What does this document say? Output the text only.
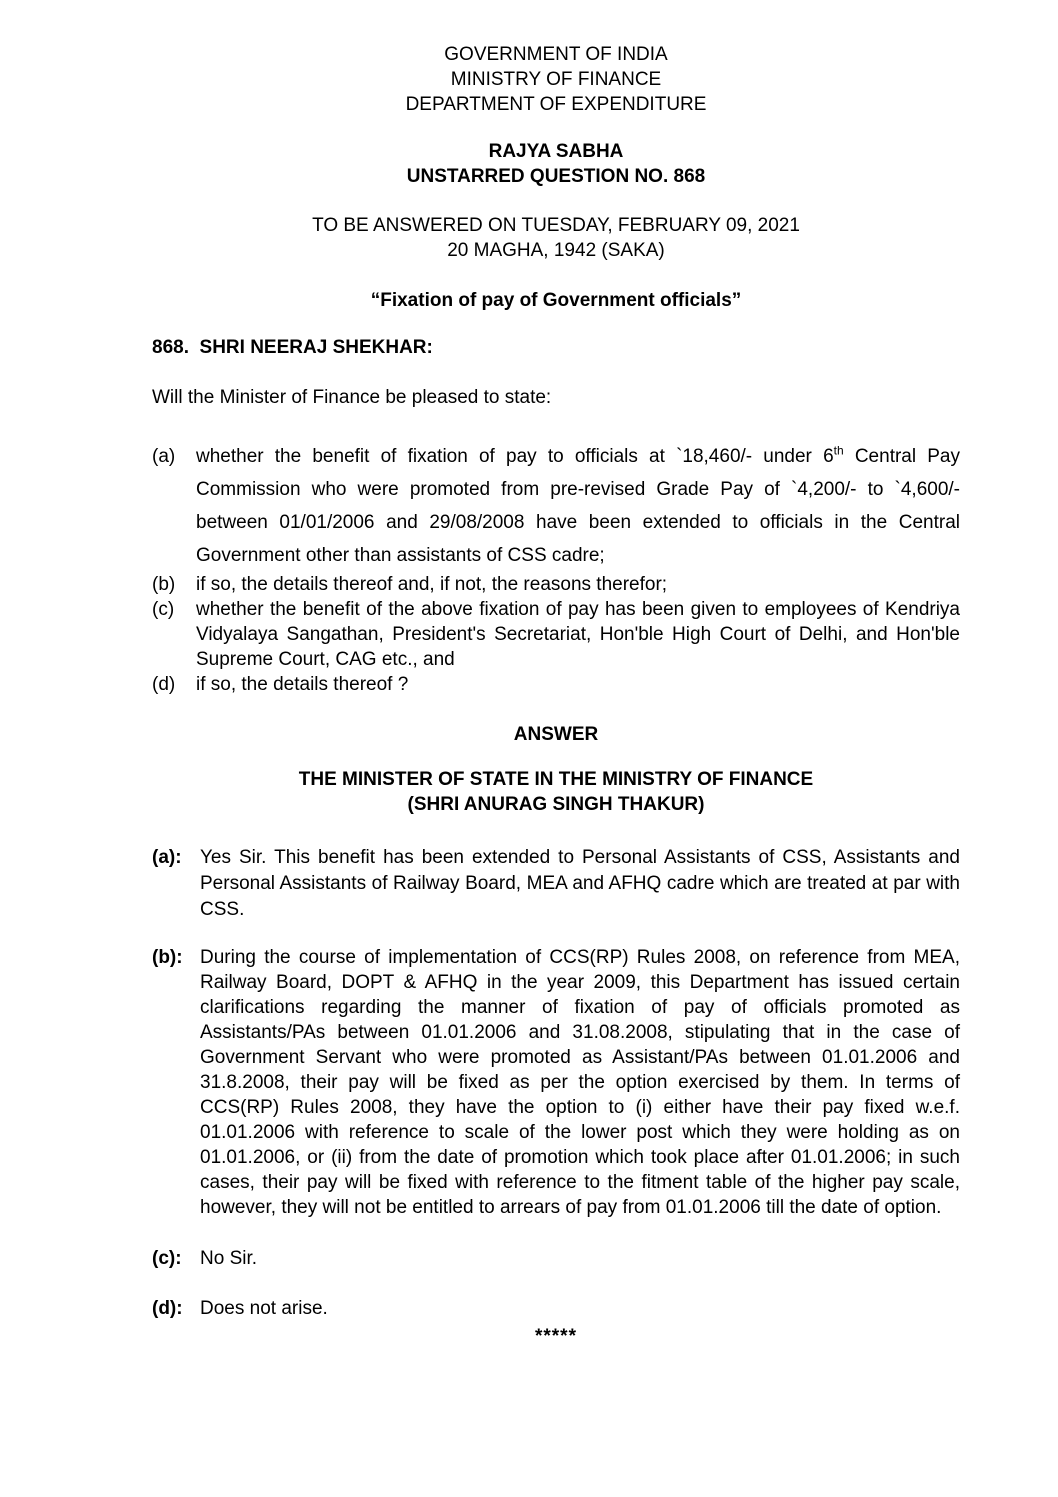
GOVERNMENT OF INDIA
MINISTRY OF FINANCE
DEPARTMENT OF EXPENDITURE
RAJYA SABHA
UNSTARRED QUESTION NO. 868
TO BE ANSWERED ON TUESDAY, FEBRUARY 09, 2021
20 MAGHA, 1942 (SAKA)
“Fixation of pay of Government officials”
868.  SHRI NEERAJ SHEKHAR:
Will the Minister of Finance be pleased to state:
(a)	whether the benefit of fixation of pay to officials at `18,460/- under 6th Central Pay Commission who were promoted from pre-revised Grade Pay of `4,200/- to `4,600/- between 01/01/2006 and 29/08/2008 have been extended to officials in the Central Government other than assistants of CSS cadre;
(b)	if so, the details thereof and, if not, the reasons therefor;
(c)	whether the benefit of the above fixation of pay has been given to employees of Kendriya Vidyalaya Sangathan, President's Secretariat, Hon'ble High Court of Delhi, and Hon'ble Supreme Court, CAG etc., and
(d)	if so, the details thereof ?
ANSWER
THE MINISTER OF STATE IN THE MINISTRY OF FINANCE
(SHRI ANURAG SINGH THAKUR)
(a): Yes Sir. This benefit has been extended to Personal Assistants of CSS, Assistants and Personal Assistants of Railway Board, MEA and AFHQ cadre which are treated at par with CSS.
(b): During the course of implementation of CCS(RP) Rules 2008, on reference from MEA, Railway Board, DOPT & AFHQ in the year 2009, this Department has issued certain clarifications regarding the manner of fixation of pay of officials promoted as Assistants/PAs between 01.01.2006 and 31.08.2008, stipulating that in the case of Government Servant who were promoted as Assistant/PAs between 01.01.2006 and 31.8.2008, their pay will be fixed as per the option exercised by them. In terms of CCS(RP) Rules 2008, they have the option to (i) either have their pay fixed w.e.f. 01.01.2006 with reference to scale of the lower post which they were holding as on 01.01.2006, or (ii) from the date of promotion which took place after 01.01.2006; in such cases, their pay will be fixed with reference to the fitment table of the higher pay scale, however, they will not be entitled to arrears of pay from 01.01.2006 till the date of option.
(c): No Sir.
(d): Does not arise.
*****
